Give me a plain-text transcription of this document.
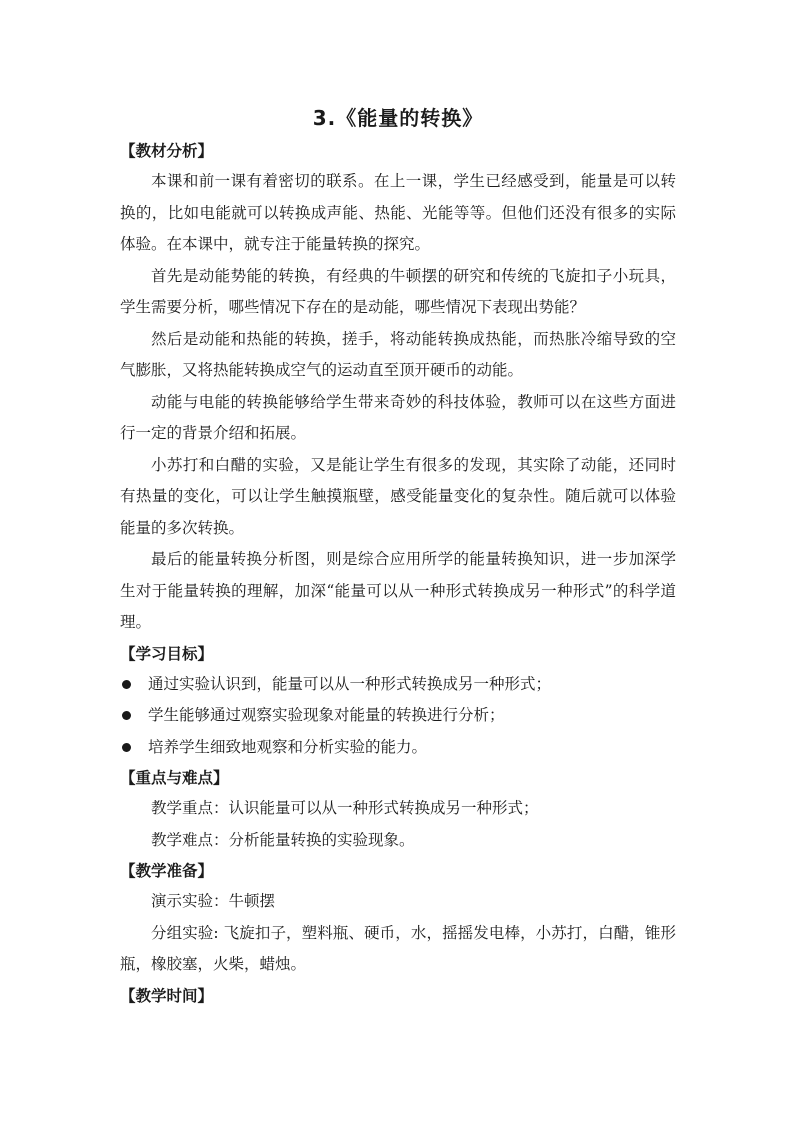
3.《能量的转换》
【教材分析】

本课和前一课有着密切的联系。在上一课，学生已经感受到，能量是可以转换的，比如电能就可以转换成声能、热能、光能等等。但他们还没有很多的实际体验。在本课中，就专注于能量转换的探究。

首先是动能势能的转换，有经典的牛顿摆的研究和传统的飞旋扣子小玩具，学生需要分析，哪些情况下存在的是动能，哪些情况下表现出势能？

然后是动能和热能的转换，搓手，将动能转换成热能，而热胀冷缩导致的空气膨胀，又将热能转换成空气的运动直至顶开硬币的动能。

动能与电能的转换能够给学生带来奇妙的科技体验，教师可以在这些方面进行一定的背景介绍和拓展。

小苏打和白醋的实验，又是能让学生有很多的发现，其实除了动能，还同时有热量的变化，可以让学生触摸瓶壁，感受能量变化的复杂性。随后就可以体验能量的多次转换。

最后的能量转换分析图，则是综合应用所学的能量转换知识，进一步加深学生对于能量转换的理解，加深“能量可以从一种形式转换成另一种形式”的科学道理。

【学习目标】
通过实验认识到，能量可以从一种形式转换成另一种形式；
学生能够通过观察实验现象对能量的转换进行分析；
培养学生细致地观察和分析实验的能力。
【重点与难点】

教学重点：认识能量可以从一种形式转换成另一种形式；

教学难点：分析能量转换的实验现象。

【教学准备】

演示实验：牛顿摆

分组实验: 飞旋扣子，塑料瓶、硬币，水，摇摇发电棒，小苏打，白醋，锥形瓶，橡胶塞，火柴，蜡烛。

【教学时间】
